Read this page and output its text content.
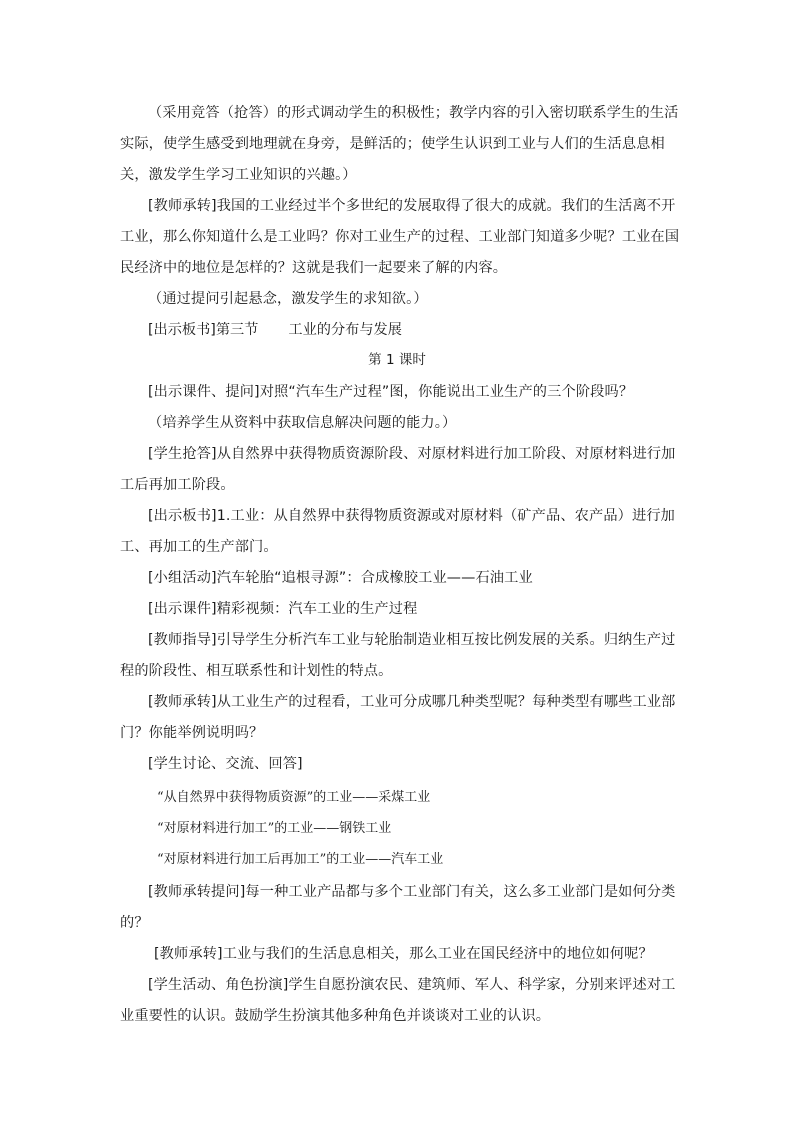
（采用竞答（抢答）的形式调动学生的积极性；教学内容的引入密切联系学生的生活实际，使学生感受到地理就在身旁，是鲜活的；使学生认识到工业与人们的生活息息相关，激发学生学习工业知识的兴趣。）

[教师承转]我国的工业经过半个多世纪的发展取得了很大的成就。我们的生活离不开工业，那么你知道什么是工业吗？你对工业生产的过程、工业部门知道多少呢？工业在国民经济中的地位是怎样的？这就是我们一起要来了解的内容。

（通过提问引起悬念，激发学生的求知欲。）

[出示板书]第三节 工业的分布与发展
第 1 课时

[出示课件、提问]对照“汽车生产过程”图，你能说出工业生产的三个阶段吗？

（培养学生从资料中获取信息解决问题的能力。）

[学生抢答]从自然界中获得物质资源阶段、对原材料进行加工阶段、对原材料进行加工后再加工阶段。

[出示板书]1.工业：从自然界中获得物质资源或对原材料（矿产品、农产品）进行加工、再加工的生产部门。

[小组活动]汽车轮胎“追根寻源”：合成橡胶工业——石油工业

[出示课件]精彩视频：汽车工业的生产过程

[教师指导]引导学生分析汽车工业与轮胎制造业相互按比例发展的关系。归纳生产过程的阶段性、相互联系性和计划性的特点。

[教师承转]从工业生产的过程看，工业可分成哪几种类型呢？每种类型有哪些工业部门？你能举例说明吗？

[学生讨论、交流、回答]

“从自然界中获得物质资源”的工业——采煤工业
“对原材料进行加工”的工业——钢铁工业
“对原材料进行加工后再加工”的工业——汽车工业

[教师承转提问]每一种工业产品都与多个工业部门有关，这么多工业部门是如何分类的？

[教师承转]工业与我们的生活息息相关，那么工业在国民经济中的地位如何呢？

[学生活动、角色扮演]学生自愿扮演农民、建筑师、军人、科学家，分别来评述对工业重要性的认识。鼓励学生扮演其他多种角色并谈谈对工业的认识。
